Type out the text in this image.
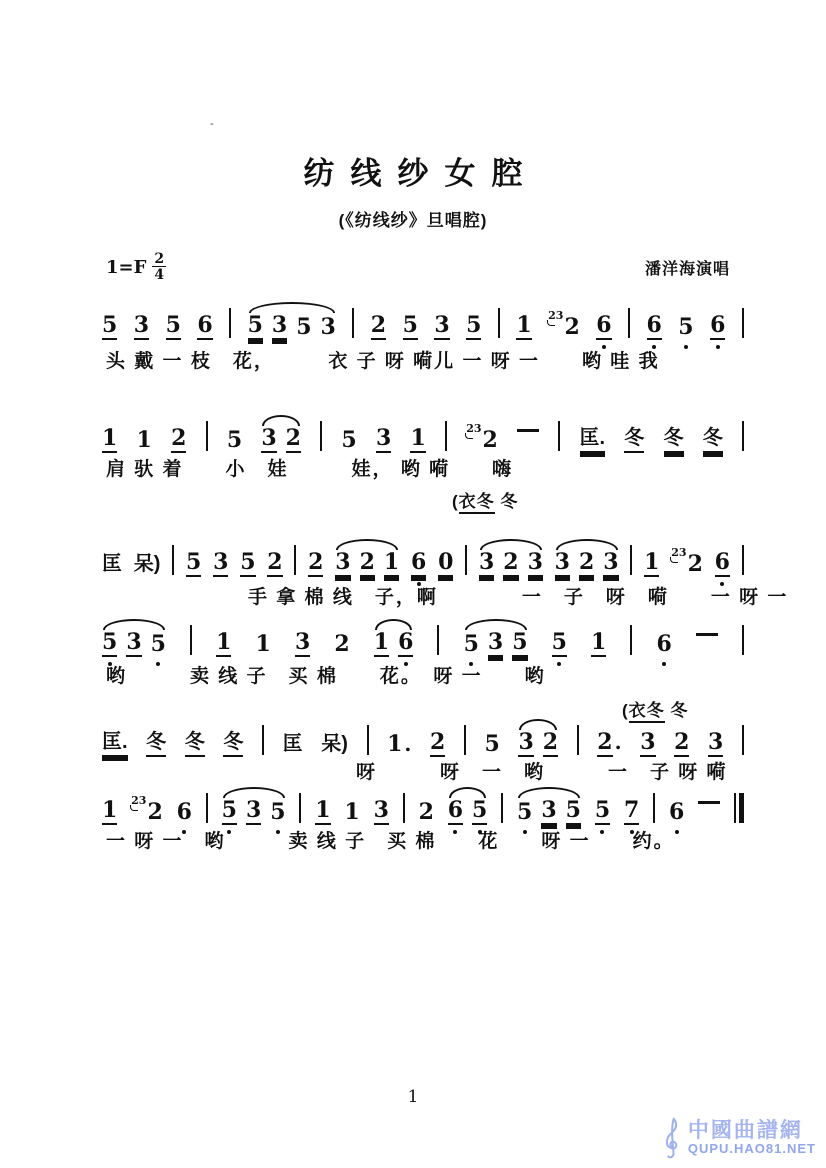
-
纺线纱女腔
(《纺线纱》旦唱腔)
$1=F \frac{2}{4}$	潘洋海演唱
5 3 5 6 5 3 5 3 2 5 3 5 1 $^{23}$2 6 6 5 6
头 戴 一 枝　花，　　　衣 子 呀 嗬儿 一 呀 一　　哟 哇 我
1 1 2 5 3 2 5 3 1	$^{23}$2	匡. 冬 冬 冬
肩 驮 着　　小　娃　　　娃， 哟 嗬　　嗨
(衣冬 冬
匡 呆) 5 3 5 2 2 3 2 1 6 0 3 2 3 3 2 3 1 $^{23}$2 6
手 拿 棉 线　子，啊　　　　一　子　呀　嗬　　一 呀 一
5 3 5 1 1 3 2 1 6 5 3 5 5 1 6
哟　　　卖 线 子　买 棉　　花。　呀 一　　哟
(衣冬 冬
匡. 冬 冬 冬 匡 呆) 1 . 2 5 3 2 2 . 3 2 3
呀　　　呀　一　哟　　　一　子 呀 嗬
1 $^{23}$2 6 5 3 5 1 1 3 2 6 5 5 3 5 5 7 6
一 呀 一　哟　　　卖 线 子　买 棉　　花　　呀 一　　约。
1
中國曲譜網
QUPU.HAO81.NET
